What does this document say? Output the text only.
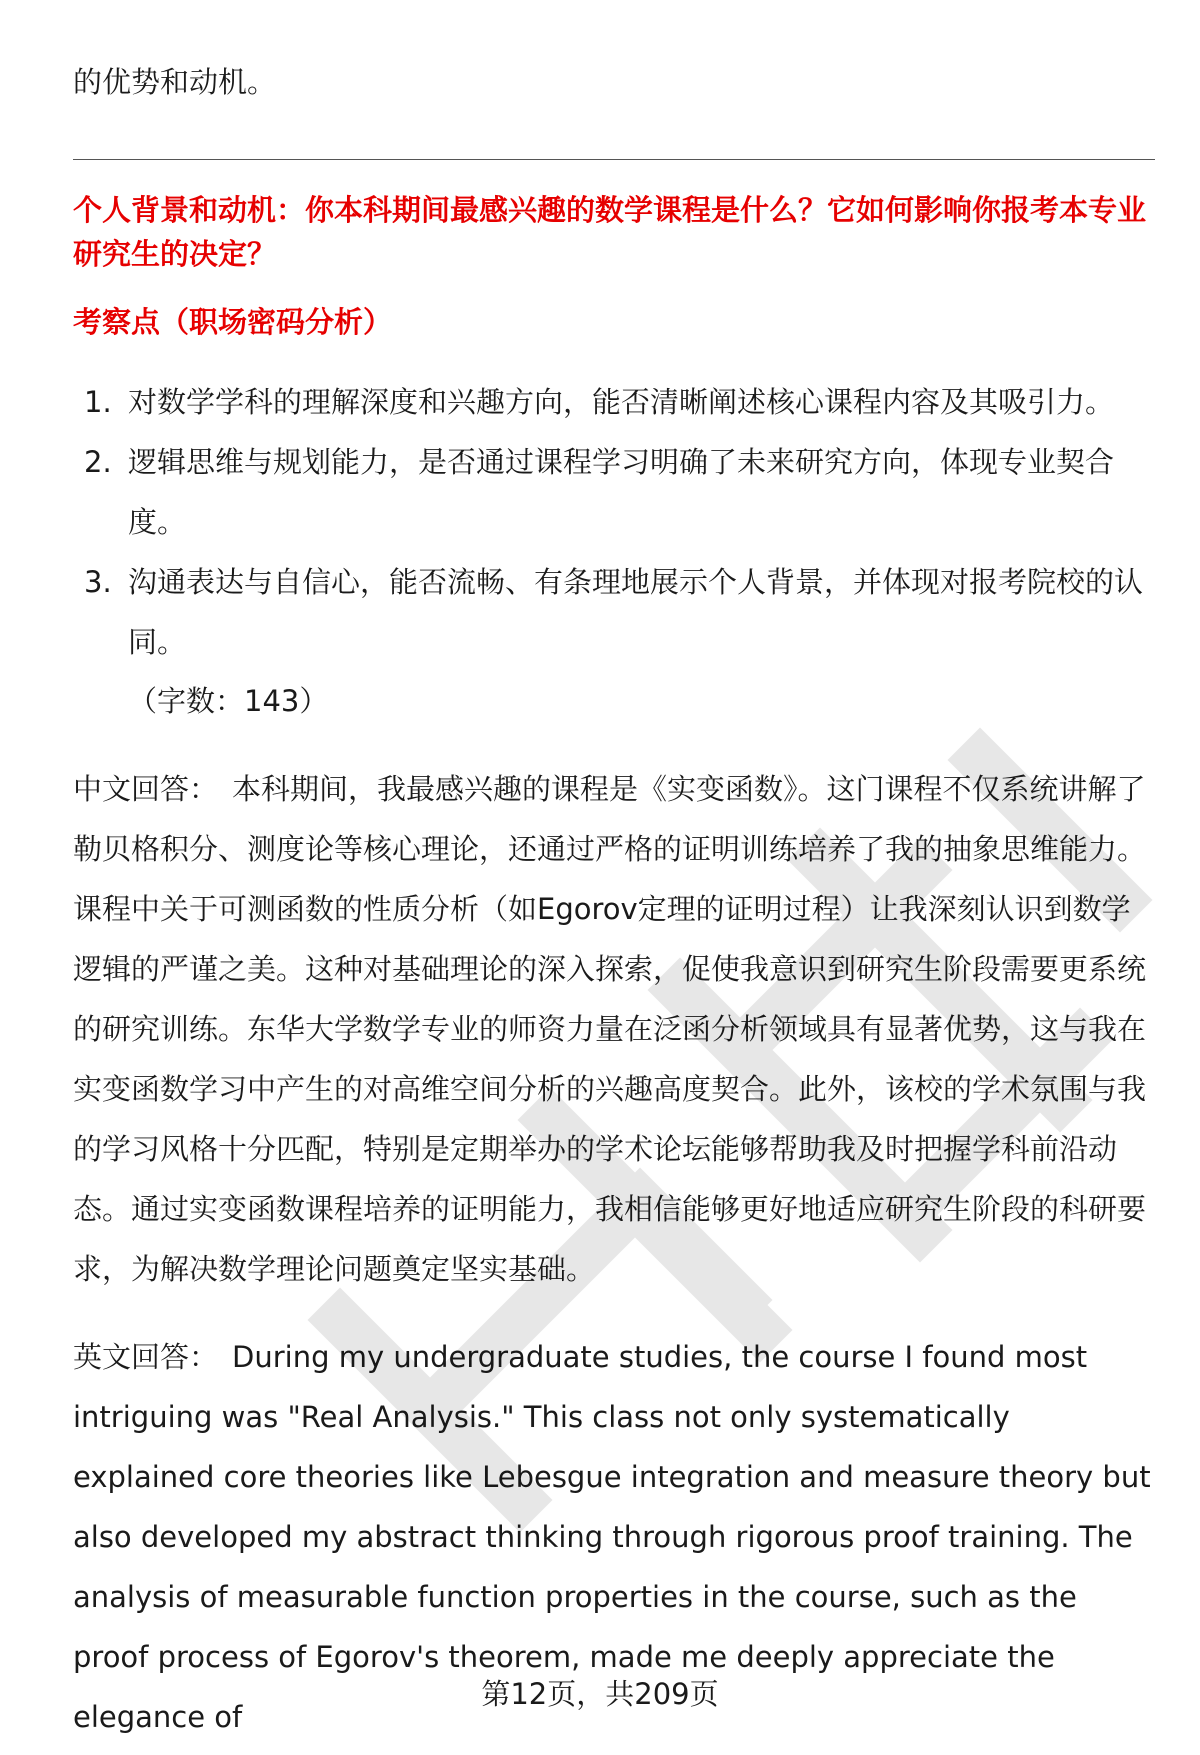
的优势和动机。

个人背景和动机：你本科期间最感兴趣的数学课程是什么？它如何影响你报考本专业研究生的决定？

考察点（职场密码分析）

1. 对数学学科的理解深度和兴趣方向，能否清晰阐述核心课程内容及其吸引力。
2. 逻辑思维与规划能力，是否通过课程学习明确了未来研究方向，体现专业契合度。
3. 沟通表达与自信心，能否流畅、有条理地展示个人背景，并体现对报考院校的认同。
（字数：143）

中文回答： 本科期间，我最感兴趣的课程是《实变函数》。这门课程不仅系统讲解了勒贝格积分、测度论等核心理论，还通过严格的证明训练培养了我的抽象思维能力。课程中关于可测函数的性质分析（如Egorov定理的证明过程）让我深刻认识到数学逻辑的严谨之美。这种对基础理论的深入探索，促使我意识到研究生阶段需要更系统的研究训练。东华大学数学专业的师资力量在泛函分析领域具有显著优势，这与我在实变函数学习中产生的对高维空间分析的兴趣高度契合。此外，该校的学术氛围与我的学习风格十分匹配，特别是定期举办的学术论坛能够帮助我及时把握学科前沿动态。通过实变函数课程培养的证明能力，我相信能够更好地适应研究生阶段的科研要求，为解决数学理论问题奠定坚实基础。

英文回答： During my undergraduate studies, the course I found most intriguing was "Real Analysis." This class not only systematically explained core theories like Lebesgue integration and measure theory but also developed my abstract thinking through rigorous proof training. The analysis of measurable function properties in the course, such as the proof process of Egorov's theorem, made me deeply appreciate the elegance of

第12页，共209页
